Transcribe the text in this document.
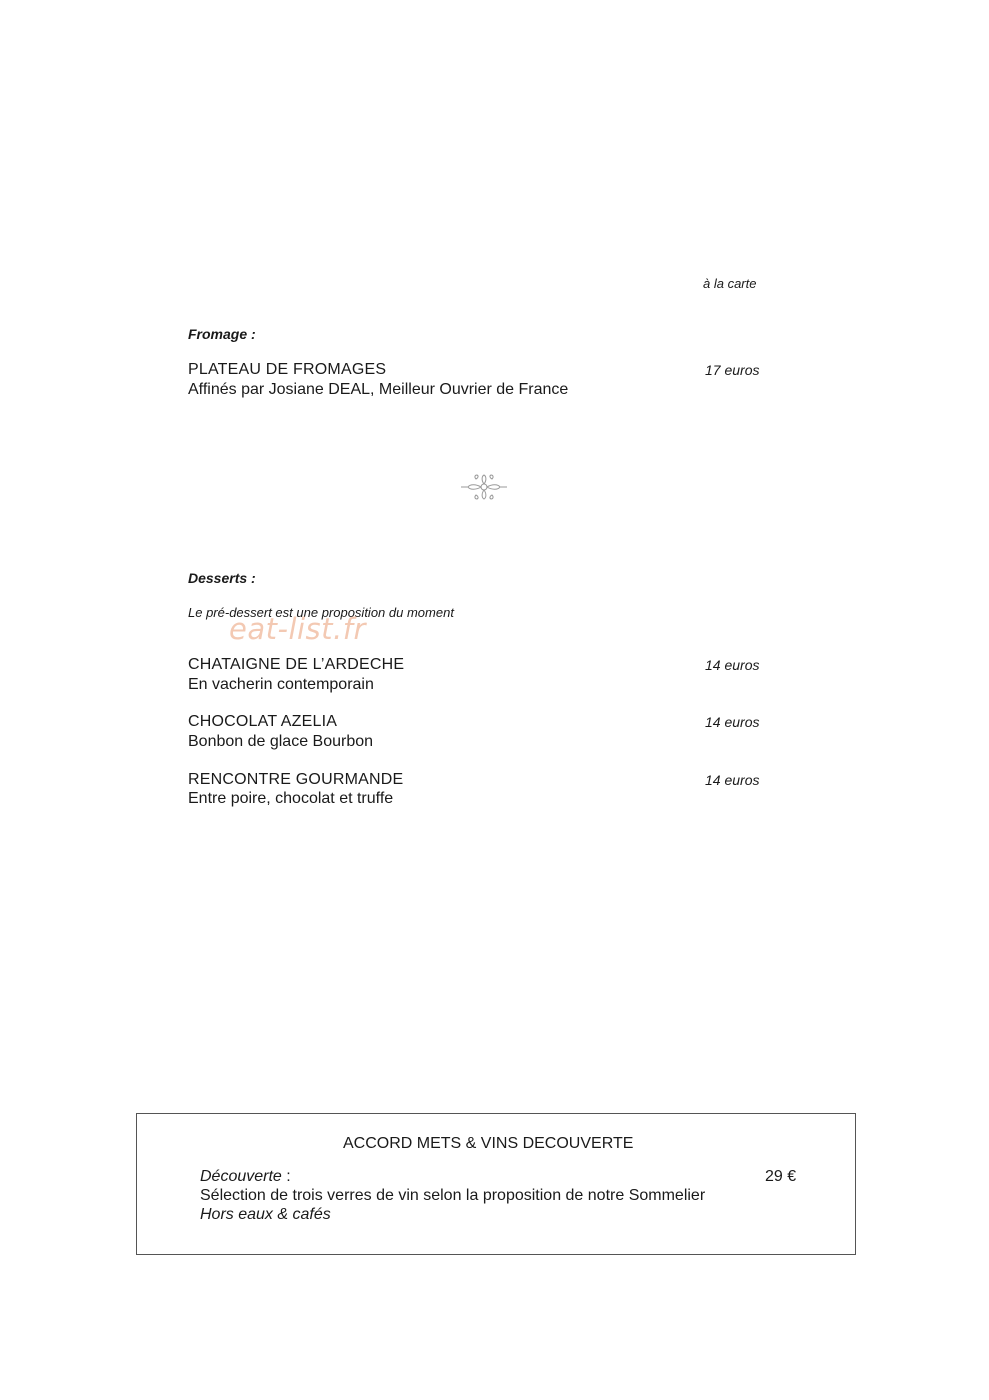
à la carte
Fromage :
PLATEAU DE FROMAGES	17 euros
Affinés par Josiane DEAL, Meilleur Ouvrier de France
Desserts :
Le pré-dessert est une proposition du moment
eat-list.fr
CHATAIGNE DE L’ARDECHE	14 euros
En vacherin contemporain
CHOCOLAT AZELIA	14 euros
Bonbon de glace Bourbon
RENCONTRE GOURMANDE	14 euros
Entre poire, chocolat et truffe
ACCORD METS & VINS DECOUVERTE
Découverte :	29 €
Sélection de trois verres de vin selon la proposition de notre Sommelier
Hors eaux & cafés
